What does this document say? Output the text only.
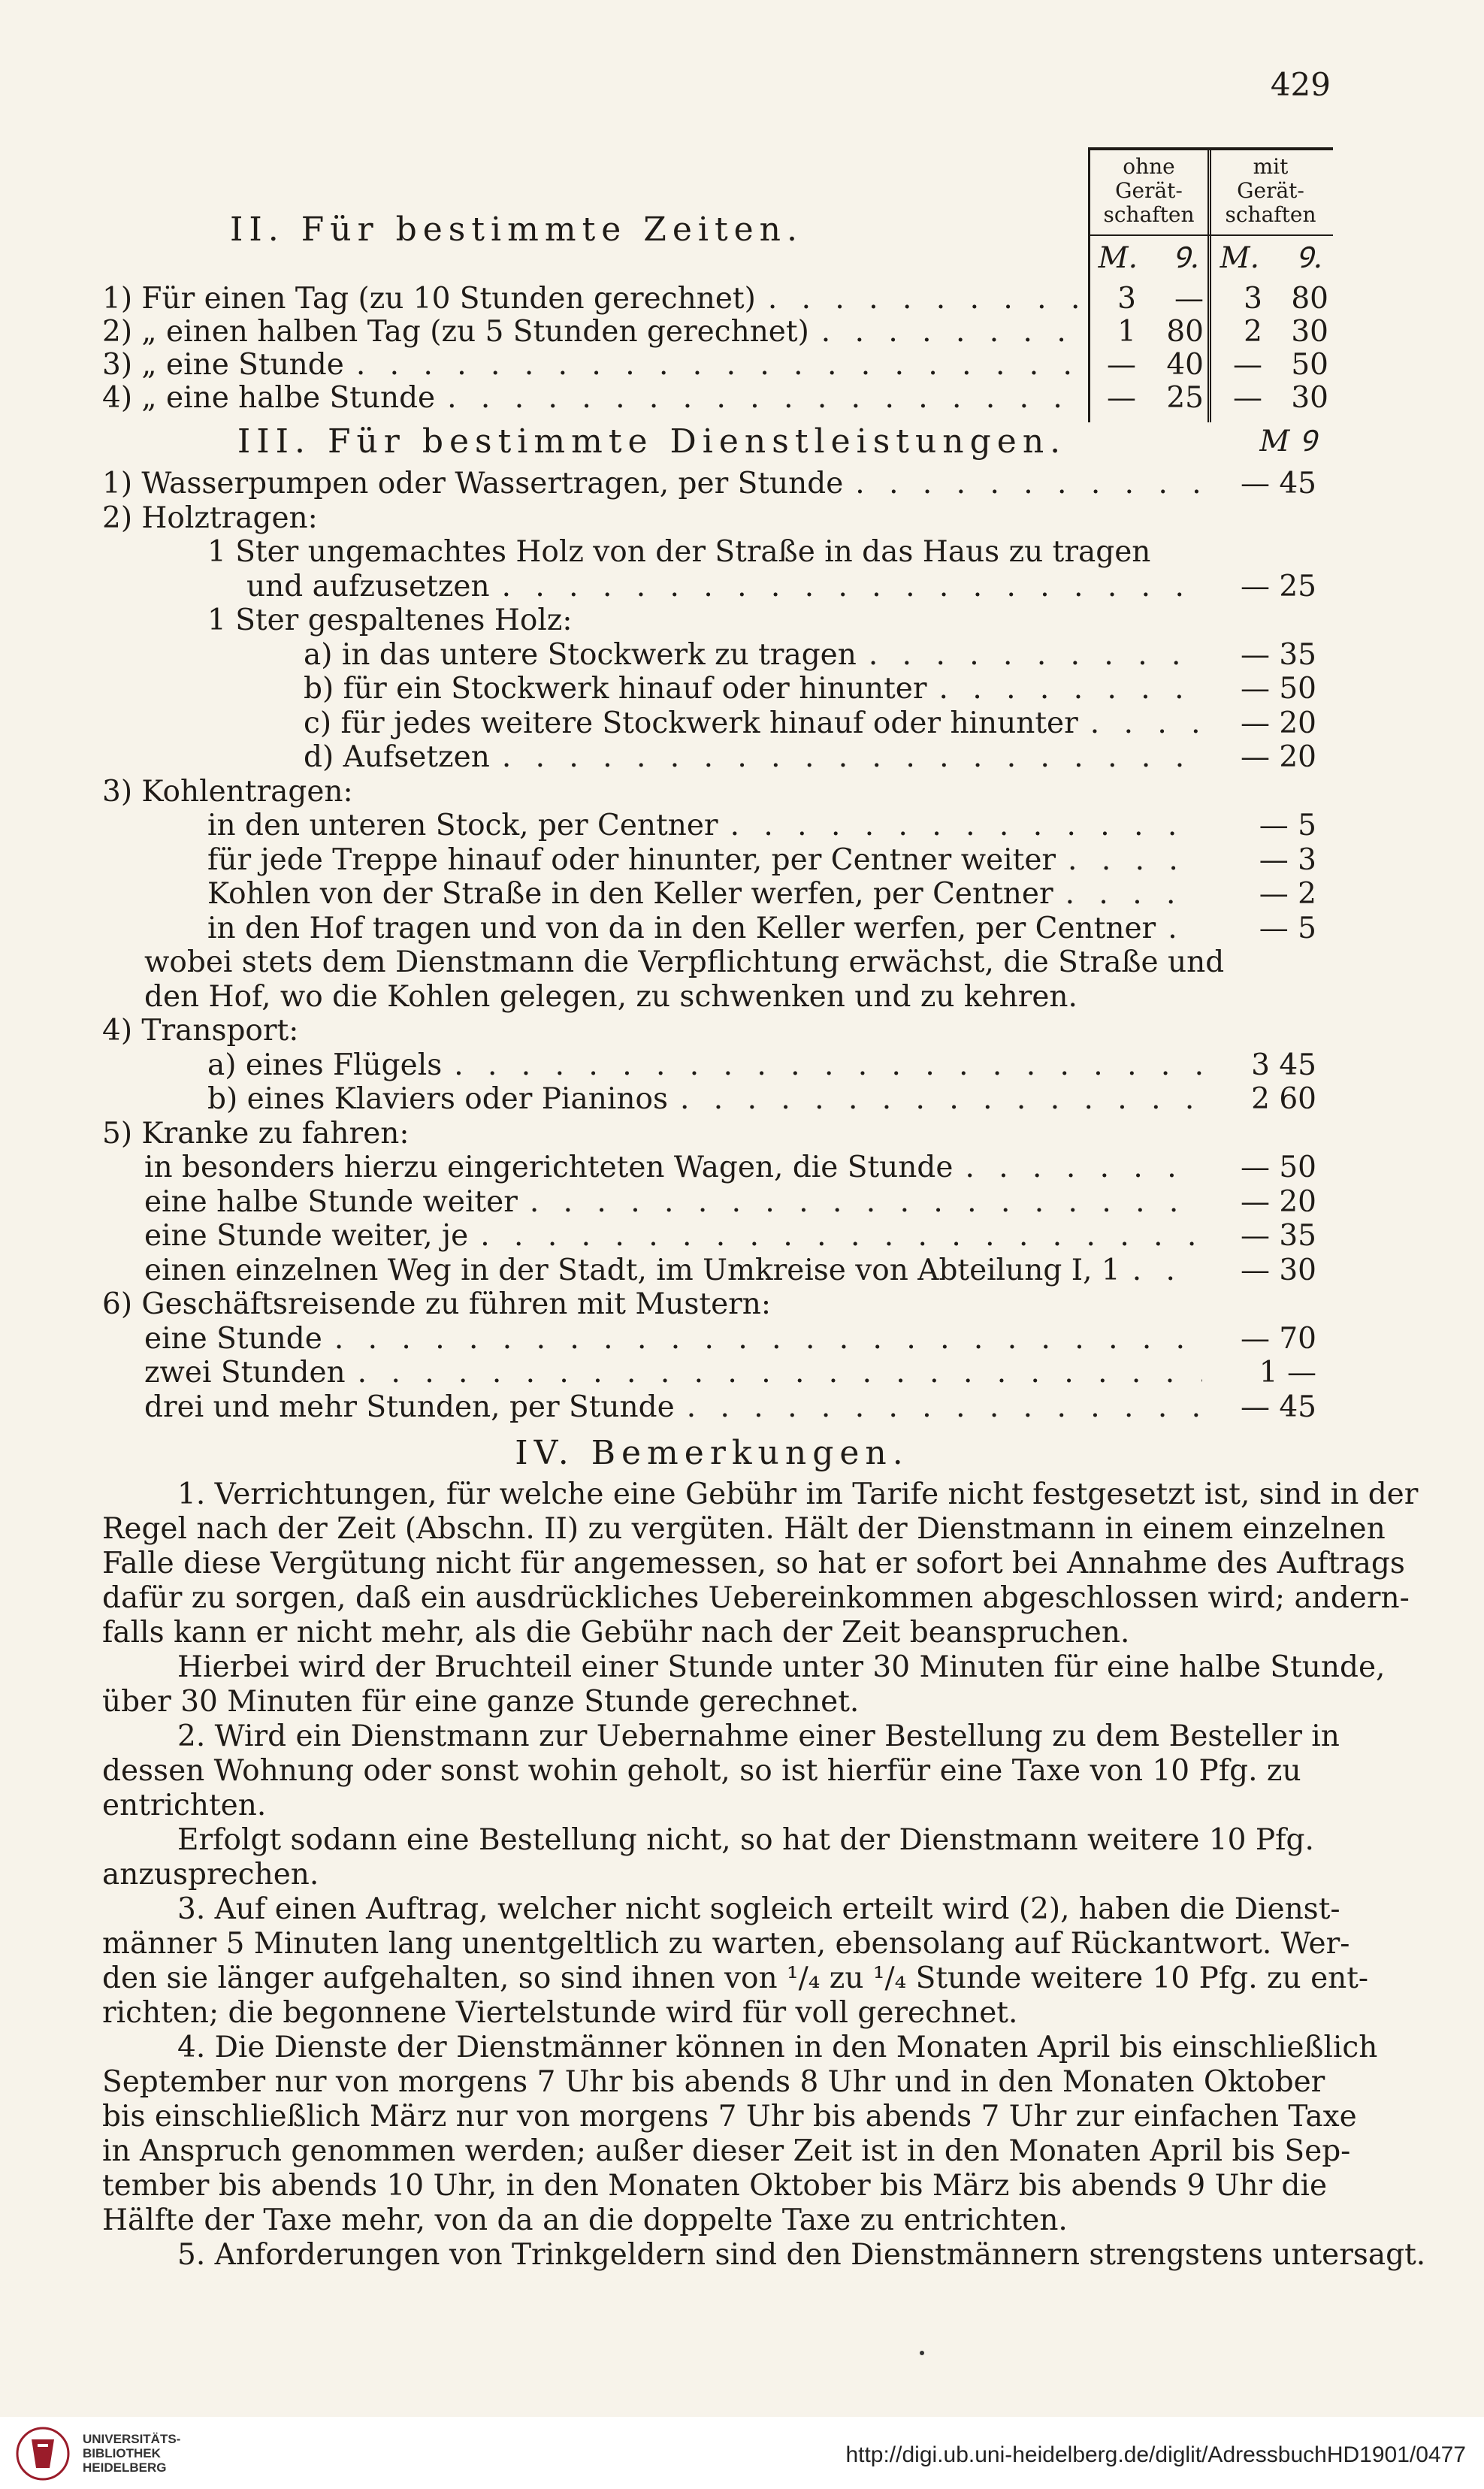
429
ohne
Gerät-
schaften
mit
Gerät-
schaften
M.	Ꝯ. M.	Ꝯ.
II. Für bestimmte Zeiten.
1) Für einen Tag (zu 10 Stunden gerechnet) . . .	3	—	3 80
2) „ einen halben Tag (zu 5 Stunden gerechnet) . . .	1	80	2 30
3) „ eine Stunde . . .	—	40	— 50
4) „ eine halbe Stunde . . .	—	25	— 30
III. Für bestimmte Dienstleistungen.	M Ꝯ
1) Wasserpumpen oder Wassertragen, per Stunde . . .	— 45
2) Holztragen:
1 Ster ungemachtes Holz von der Straße in das Haus zu tragen
und aufzusetzen . . .	— 25
1 Ster gespaltenes Holz:
a) in das untere Stockwerk zu tragen . . .	— 35
b) für ein Stockwerk hinauf oder hinunter . . .	— 50
c) für jedes weitere Stockwerk hinauf oder hinunter . . .	— 20
d) Aufsetzen . . .	— 20
3) Kohlentragen:
in den unteren Stock, per Centner . . .	— 5
für jede Treppe hinauf oder hinunter, per Centner weiter . . .	— 3
Kohlen von der Straße in den Keller werfen, per Centner . . .	— 2
in den Hof tragen und von da in den Keller werfen, per Centner . . .	— 5
wobei stets dem Dienstmann die Verpflichtung erwächst, die Straße und
den Hof, wo die Kohlen gelegen, zu schwenken und zu kehren.
4) Transport:
a) eines Flügels . . .	3 45
b) eines Klaviers oder Pianinos . . .	2 60
5) Kranke zu fahren:
in besonders hierzu eingerichteten Wagen, die Stunde . . .	— 50
eine halbe Stunde weiter . . .	— 20
eine Stunde weiter, je . . .	— 35
einen einzelnen Weg in der Stadt, im Umkreise von Abteilung I, 1 . . .	— 30
6) Geschäftsreisende zu führen mit Mustern:
eine Stunde . . .	— 70
zwei Stunden . . .	1 —
drei und mehr Stunden, per Stunde . . .	— 45
IV. Bemerkungen.
1. Verrichtungen, für welche eine Gebühr im Tarife nicht festgesetzt ist, sind in der
Regel nach der Zeit (Abschn. II) zu vergüten. Hält der Dienstmann in einem einzelnen
Falle diese Vergütung nicht für angemessen, so hat er sofort bei Annahme des Auftrags
dafür zu sorgen, daß ein ausdrückliches Uebereinkommen abgeschlossen wird; andern-
falls kann er nicht mehr, als die Gebühr nach der Zeit beanspruchen.
Hierbei wird der Bruchteil einer Stunde unter 30 Minuten für eine halbe Stunde,
über 30 Minuten für eine ganze Stunde gerechnet.
2. Wird ein Dienstmann zur Uebernahme einer Bestellung zu dem Besteller in
dessen Wohnung oder sonst wohin geholt, so ist hierfür eine Taxe von 10 Pfg. zu
entrichten.
Erfolgt sodann eine Bestellung nicht, so hat der Dienstmann weitere 10 Pfg.
anzusprechen.
3. Auf einen Auftrag, welcher nicht sogleich erteilt wird (2), haben die Dienst-
männer 5 Minuten lang unentgeltlich zu warten, ebensolang auf Rückantwort. Wer-
den sie länger aufgehalten, so sind ihnen von ¹/₄ zu ¹/₄ Stunde weitere 10 Pfg. zu ent-
richten; die begonnene Viertelstunde wird für voll gerechnet.
4. Die Dienste der Dienstmänner können in den Monaten April bis einschließlich
September nur von morgens 7 Uhr bis abends 8 Uhr und in den Monaten Oktober
bis einschließlich März nur von morgens 7 Uhr bis abends 7 Uhr zur einfachen Taxe
in Anspruch genommen werden; außer dieser Zeit ist in den Monaten April bis Sep-
tember bis abends 10 Uhr, in den Monaten Oktober bis März bis abends 9 Uhr die
Hälfte der Taxe mehr, von da an die doppelte Taxe zu entrichten.
5. Anforderungen von Trinkgeldern sind den Dienstmännern strengstens untersagt.
UNIVERSITÄTS-
BIBLIOTHEK
HEIDELBERG
http://digi.ub.uni-heidelberg.de/diglit/AdressbuchHD1901/0477
